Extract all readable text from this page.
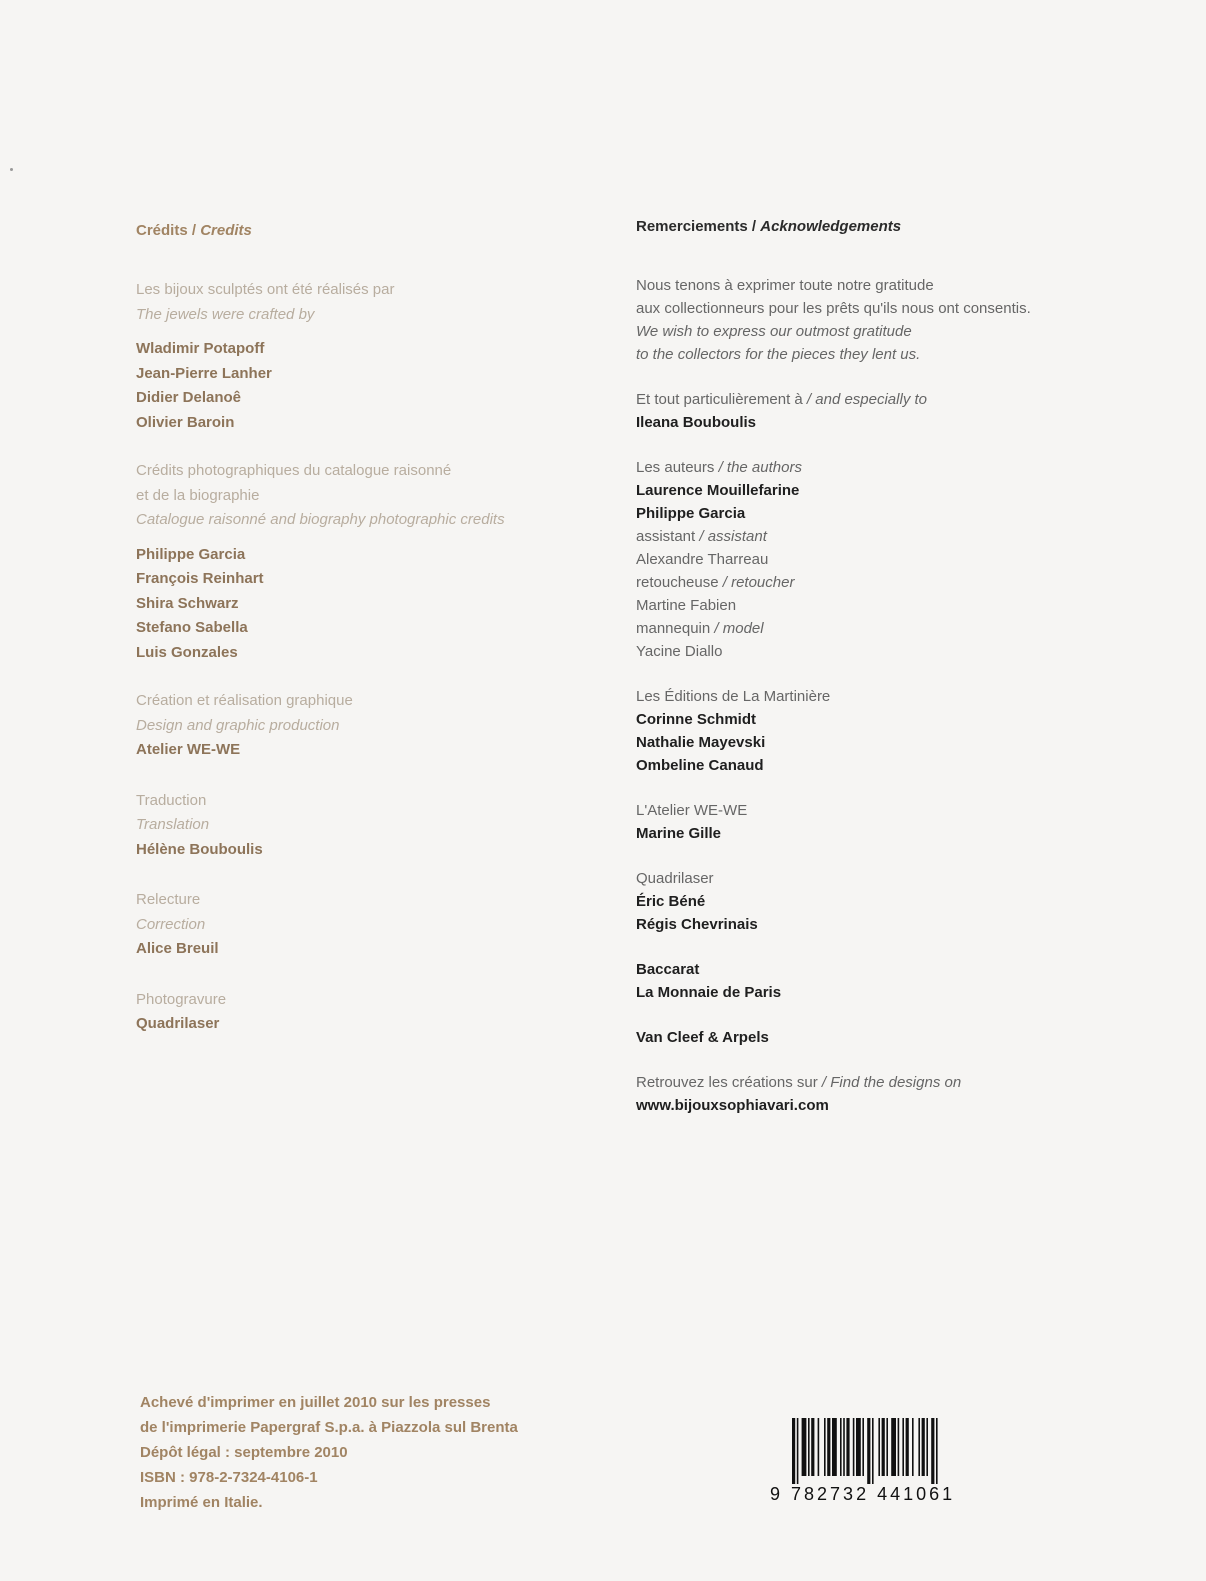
Crédits / Credits

Les bijoux sculptés ont été réalisés par
The jewels were crafted by
Wladimir Potapoff
Jean-Pierre Lanher
Didier Delanoê
Olivier Baroin
Crédits photographiques du catalogue raisonné
et de la biographie
Catalogue raisonné and biography photographic credits
Philippe Garcia
François Reinhart
Shira Schwarz
Stefano Sabella
Luis Gonzales
Création et réalisation graphique
Design and graphic production
Atelier WE-WE
Traduction
Translation
Hélène Bouboulis
Relecture
Correction
Alice Breuil
Photogravure
Quadrilaser

Remerciements / Acknowledgements

Nous tenons à exprimer toute notre gratitude
aux collectionneurs pour les prêts qu'ils nous ont consentis.
We wish to express our outmost gratitude
to the collectors for the pieces they lent us.
Et tout particulièrement à / and especially to
Ileana Bouboulis
Les auteurs / the authors
Laurence Mouillefarine
Philippe Garcia
assistant / assistant
Alexandre Tharreau
retoucheuse / retoucher
Martine Fabien
mannequin / model
Yacine Diallo
Les Éditions de La Martinière
Corinne Schmidt
Nathalie Mayevski
Ombeline Canaud
L'Atelier WE-WE
Marine Gille
Quadrilaser
Éric Béné
Régis Chevrinais
Baccarat
La Monnaie de Paris
Van Cleef & Arpels
Retrouvez les créations sur / Find the designs on
www.bijouxsophiavari.com
Achevé d'imprimer en juillet 2010 sur les presses
de l'imprimerie Papergraf S.p.a. à Piazzola sul Brenta
Dépôt légal : septembre 2010
ISBN : 978-2-7324-4106-1
Imprimé en Italie.	9 782732 441061
